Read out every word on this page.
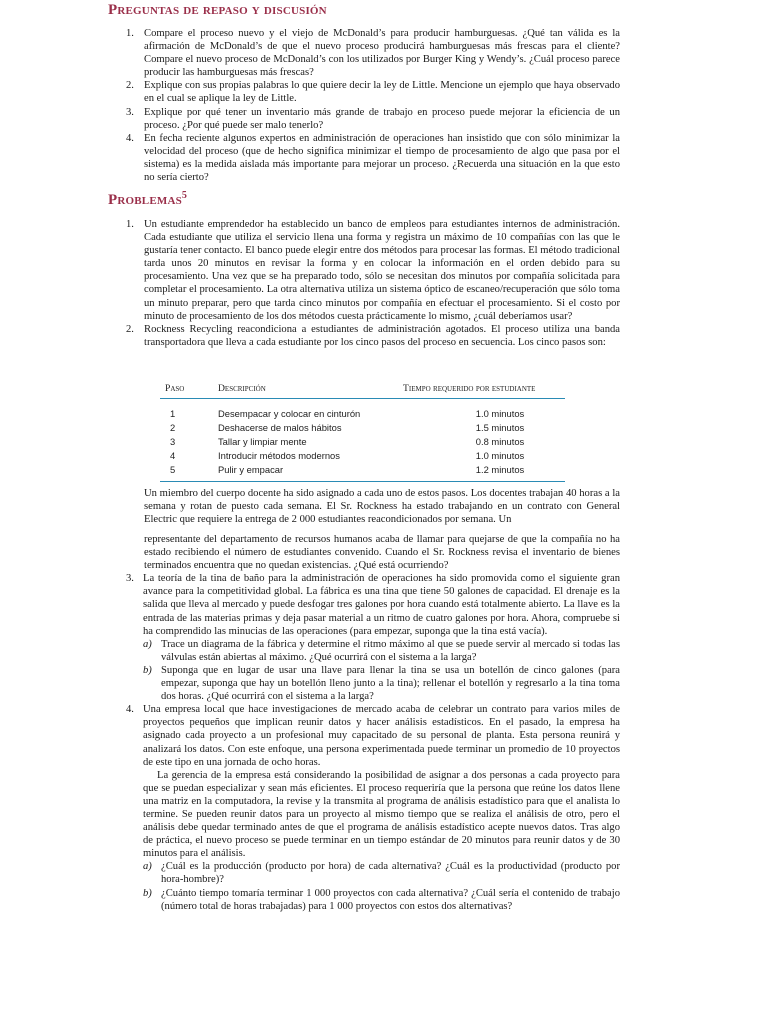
Preguntas de repaso y discusión

1. Compare el proceso nuevo y el viejo de McDonald’s para producir hamburguesas. ¿Qué tan válida es la afirmación de McDonald’s de que el nuevo proceso producirá hamburguesas más frescas para el cliente? Compare el nuevo proceso de McDonald’s con los utilizados por Burger King y Wendy’s. ¿Cuál proceso parece producir las hamburguesas más frescas?

2. Explique con sus propias palabras lo que quiere decir la ley de Little. Mencione un ejemplo que haya observado en el cual se aplique la ley de Little.

3. Explique por qué tener un inventario más grande de trabajo en proceso puede mejorar la eficiencia de un proceso. ¿Por qué puede ser malo tenerlo?

4. En fecha reciente algunos expertos en administración de operaciones han insistido que con sólo minimizar la velocidad del proceso (que de hecho significa minimizar el tiempo de procesamiento de algo que pasa por el sistema) es la medida aislada más importante para mejorar un proceso. ¿Recuerda una situación en la que esto no sería cierto?

Problemas$^5$

1. Un estudiante emprendedor ha establecido un banco de empleos para estudiantes internos de administración. Cada estudiante que utiliza el servicio llena una forma y registra un máximo de 10 compañías con las que le gustaría tener contacto. El banco puede elegir entre dos métodos para procesar las formas. El método tradicional tarda unos 20 minutos en revisar la forma y en colocar la información en el orden debido para su procesamiento. Una vez que se ha preparado todo, sólo se necesitan dos minutos por compañía solicitada para completar el procesamiento. La otra alternativa utiliza un sistema óptico de escaneo/recuperación que sólo toma un minuto preparar, pero que tarda cinco minutos por compañía en efectuar el procesamiento. Si el costo por minuto de procesamiento de los dos métodos cuesta prácticamente lo mismo, ¿cuál deberíamos usar?

2. Rockness Recycling reacondiciona a estudiantes de administración agotados. El proceso utiliza una banda transportadora que lleva a cada estudiante por los cinco pasos del proceso en secuencia. Los cinco pasos son:

Paso	Descripción	Tiempo requerido por estudiante
1	Desempacar y colocar en cinturón	1.0 minutos
2	Deshacerse de malos hábitos	1.5 minutos
3	Tallar y limpiar mente	0.8 minutos
4	Introducir métodos modernos	1.0 minutos
5	Pulir y empacar	1.2 minutos

Un miembro del cuerpo docente ha sido asignado a cada uno de estos pasos. Los docentes trabajan 40 horas a la semana y rotan de puesto cada semana. El Sr. Rockness ha estado trabajando en un contrato con General Electric que requiere la entrega de 2 000 estudiantes reacondicionados por semana. Un

representante del departamento de recursos humanos acaba de llamar para quejarse de que la compañía no ha estado recibiendo el número de estudiantes convenido. Cuando el Sr. Rockness revisa el inventario de bienes terminados encuentra que no quedan existencias. ¿Qué está ocurriendo?

3. La teoría de la tina de baño para la administración de operaciones ha sido promovida como el siguiente gran avance para la competitividad global. La fábrica es una tina que tiene 50 galones de capacidad. El drenaje es la salida que lleva al mercado y puede desfogar tres galones por hora cuando está totalmente abierto. La llave es la entrada de las materias primas y deja pasar material a un ritmo de cuatro galones por hora. Ahora, compruebe si ha comprendido las minucias de las operaciones (para empezar, suponga que la tina está vacía).

a) Trace un diagrama de la fábrica y determine el ritmo máximo al que se puede servir al mercado si todas las válvulas están abiertas al máximo. ¿Qué ocurrirá con el sistema a la larga?

b) Suponga que en lugar de usar una llave para llenar la tina se usa un botellón de cinco galones (para empezar, suponga que hay un botellón lleno junto a la tina); rellenar el botellón y regresarlo a la tina toma dos horas. ¿Qué ocurrirá con el sistema a la larga?

4. Una empresa local que hace investigaciones de mercado acaba de celebrar un contrato para varios miles de proyectos pequeños que implican reunir datos y hacer análisis estadísticos. En el pasado, la empresa ha asignado cada proyecto a un profesional muy capacitado de su personal de planta. Esta persona reunirá y analizará los datos. Con este enfoque, una persona experimentada puede terminar un promedio de 10 proyectos de este tipo en una jornada de ocho horas.

La gerencia de la empresa está considerando la posibilidad de asignar a dos personas a cada proyecto para que se puedan especializar y sean más eficientes. El proceso requeriría que la persona que reúne los datos llene una matriz en la computadora, la revise y la transmita al programa de análisis estadístico para que el analista lo termine. Se pueden reunir datos para un proyecto al mismo tiempo que se realiza el análisis de otro, pero el análisis debe quedar terminado antes de que el programa de análisis estadístico acepte nuevos datos. Tras algo de práctica, el nuevo proceso se puede terminar en un tiempo estándar de 20 minutos para reunir datos y de 30 minutos para el análisis.

a) ¿Cuál es la producción (producto por hora) de cada alternativa? ¿Cuál es la productividad (producto por hora-hombre)?

b) ¿Cuánto tiempo tomaría terminar 1 000 proyectos con cada alternativa? ¿Cuál sería el contenido de trabajo (número total de horas trabajadas) para 1 000 proyectos con estos dos alternativas?
